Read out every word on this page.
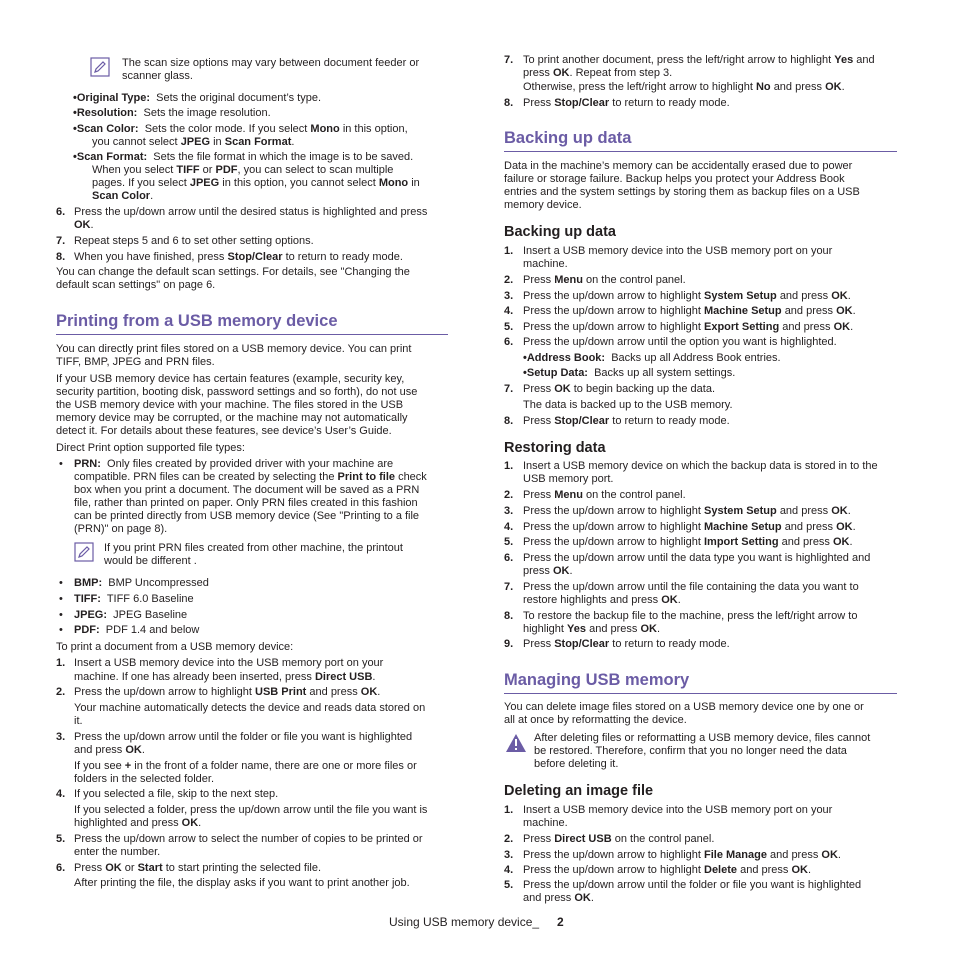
The scan size options may vary between document feeder or
scanner glass.
•Original Type: Sets the original document’s type.
•Resolution: Sets the image resolution.
•Scan Color: Sets the color mode. If you select Mono in this option,
you cannot select JPEG in Scan Format.
•Scan Format: Sets the file format in which the image is to be saved.
When you select TIFF or PDF, you can select to scan multiple
pages. If you select JPEG in this option, you cannot select Mono in
Scan Color.
6. Press the up/down arrow until the desired status is highlighted and press
OK.
7. Repeat steps 5 and 6 to set other setting options.
8. When you have finished, press Stop/Clear to return to ready mode.
You can change the default scan settings. For details, see "Changing the
default scan settings" on page 6.
Printing from a USB memory device
You can directly print files stored on a USB memory device. You can print
TIFF, BMP, JPEG and PRN files.
If your USB memory device has certain features (example, security key,
security partition, booting disk, password settings and so forth), do not use
the USB memory device with your machine. The files stored in the USB
memory device may be corrupted, or the machine may not automatically
detect it. For details about these features, see device’s User’s Guide.
Direct Print option supported file types:
• PRN: Only files created by provided driver with your machine are
compatible. PRN files can be created by selecting the Print to file check
box when you print a document. The document will be saved as a PRN
file, rather than printed on paper. Only PRN files created in this fashion
can be printed directly from USB memory device (See "Printing to a file
(PRN)" on page 8).
If you print PRN files created from other machine, the printout
would be different .
• BMP: BMP Uncompressed
• TIFF: TIFF 6.0 Baseline
• JPEG: JPEG Baseline
• PDF: PDF 1.4 and below
To print a document from a USB memory device:
1. Insert a USB memory device into the USB memory port on your
machine. If one has already been inserted, press Direct USB.
2. Press the up/down arrow to highlight USB Print and press OK.
Your machine automatically detects the device and reads data stored on
it.
3. Press the up/down arrow until the folder or file you want is highlighted
and press OK.
If you see + in the front of a folder name, there are one or more files or
folders in the selected folder.
4. If you selected a file, skip to the next step.
If you selected a folder, press the up/down arrow until the file you want is
highlighted and press OK.
5. Press the up/down arrow to select the number of copies to be printed or
enter the number.
6. Press OK or Start to start printing the selected file.
After printing the file, the display asks if you want to print another job.
7. To print another document, press the left/right arrow to highlight Yes and
press OK. Repeat from step 3.
Otherwise, press the left/right arrow to highlight No and press OK.
8. Press Stop/Clear to return to ready mode.
Backing up data
Data in the machine’s memory can be accidentally erased due to power
failure or storage failure. Backup helps you protect your Address Book
entries and the system settings by storing them as backup files on a USB
memory device.
Backing up data
1. Insert a USB memory device into the USB memory port on your
machine.
2. Press Menu on the control panel.
3. Press the up/down arrow to highlight System Setup and press OK.
4. Press the up/down arrow to highlight Machine Setup and press OK.
5. Press the up/down arrow to highlight Export Setting and press OK.
6. Press the up/down arrow until the option you want is highlighted.
•Address Book: Backs up all Address Book entries.
•Setup Data: Backs up all system settings.
7. Press OK to begin backing up the data.
The data is backed up to the USB memory.
8. Press Stop/Clear to return to ready mode.
Restoring data
1. Insert a USB memory device on which the backup data is stored in to the
USB memory port.
2. Press Menu on the control panel.
3. Press the up/down arrow to highlight System Setup and press OK.
4. Press the up/down arrow to highlight Machine Setup and press OK.
5. Press the up/down arrow to highlight Import Setting and press OK.
6. Press the up/down arrow until the data type you want is highlighted and
press OK.
7. Press the up/down arrow until the file containing the data you want to
restore highlights and press OK.
8. To restore the backup file to the machine, press the left/right arrow to
highlight Yes and press OK.
9. Press Stop/Clear to return to ready mode.
Managing USB memory
You can delete image files stored on a USB memory device one by one or
all at once by reformatting the device.
After deleting files or reformatting a USB memory device, files cannot
be restored. Therefore, confirm that you no longer need the data
before deleting it.
Deleting an image file
1. Insert a USB memory device into the USB memory port on your
machine.
2. Press Direct USB on the control panel.
3. Press the up/down arrow to highlight File Manage and press OK.
4. Press the up/down arrow to highlight Delete and press OK.
5. Press the up/down arrow until the folder or file you want is highlighted
and press OK.
Using USB memory device_ 2
